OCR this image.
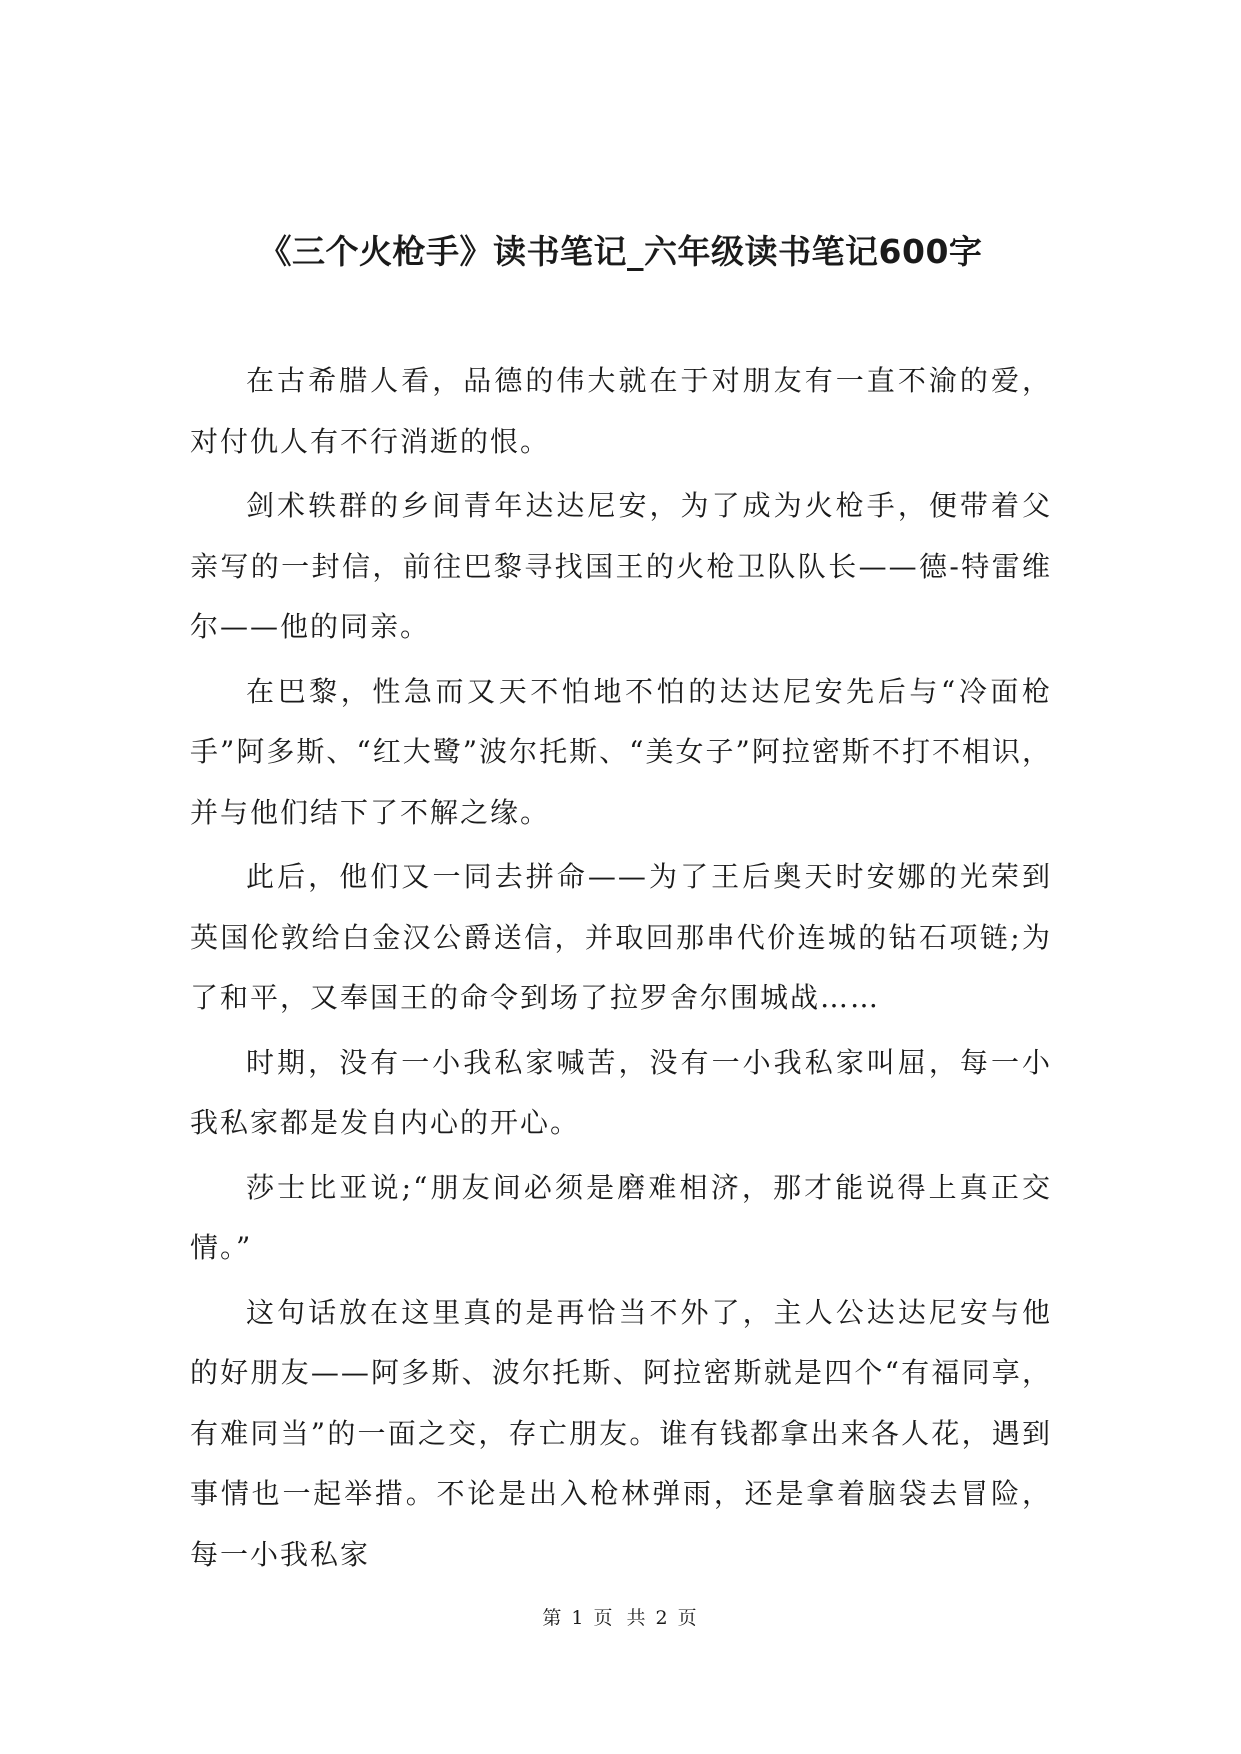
《三个火枪手》读书笔记_六年级读书笔记600字

在古希腊人看，品德的伟大就在于对朋友有一直不渝的爱，对付仇人有不行消逝的恨。

剑术轶群的乡间青年达达尼安，为了成为火枪手，便带着父亲写的一封信，前往巴黎寻找国王的火枪卫队队长——德-特雷维尔——他的同亲。

在巴黎，性急而又天不怕地不怕的达达尼安先后与“冷面枪手”阿多斯、“红大鹭”波尔托斯、“美女子”阿拉密斯不打不相识，并与他们结下了不解之缘。

此后，他们又一同去拼命——为了王后奥天时安娜的光荣到英国伦敦给白金汉公爵送信，并取回那串代价连城的钻石项链;为了和平，又奉国王的命令到场了拉罗舍尔围城战……

时期，没有一小我私家喊苦，没有一小我私家叫屈，每一小我私家都是发自内心的开心。

莎士比亚说;“朋友间必须是磨难相济，那才能说得上真正交情。”

这句话放在这里真的是再恰当不外了，主人公达达尼安与他的好朋友——阿多斯、波尔托斯、阿拉密斯就是四个“有福同享，有难同当”的一面之交，存亡朋友。谁有钱都拿出来各人花，遇到事情也一起举措。不论是出入枪林弹雨，还是拿着脑袋去冒险，每一小我私家

第 1 页 共 2 页
